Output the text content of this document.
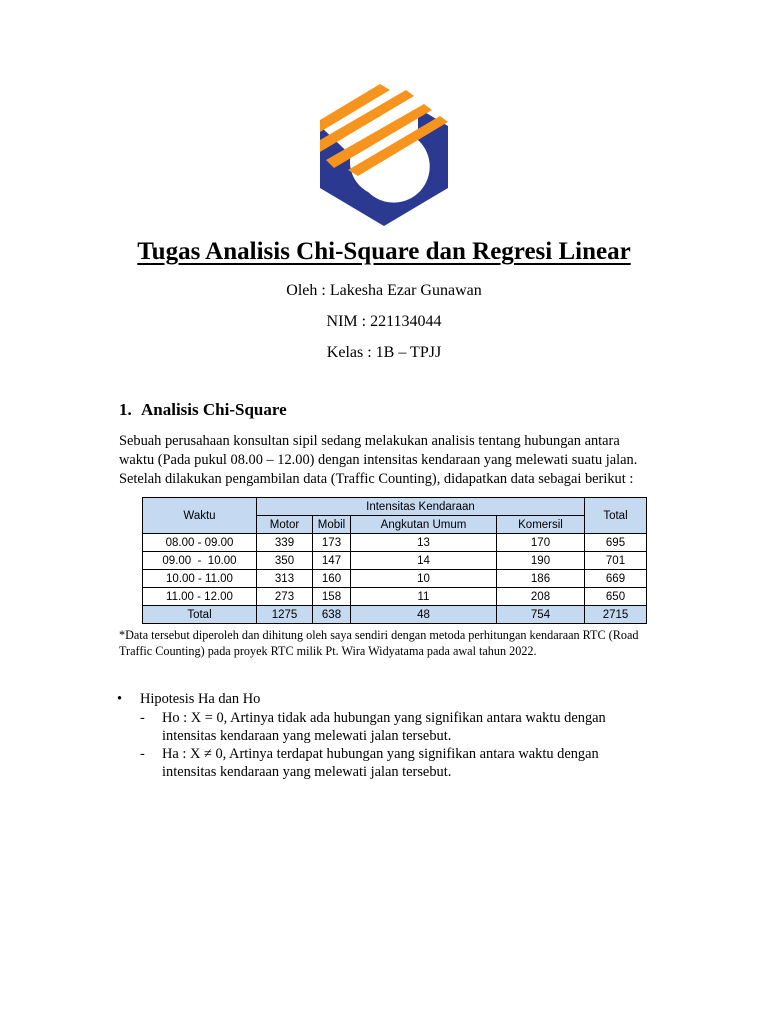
Tugas Analisis Chi-Square dan Regresi Linear
Oleh : Lakesha Ezar Gunawan
NIM : 221134044
Kelas : 1B – TPJJ
1. Analisis Chi-Square
Sebuah perusahaan konsultan sipil sedang melakukan analisis tentang hubungan antara
waktu (Pada pukul 08.00 – 12.00) dengan intensitas kendaraan yang melewati suatu jalan.
Setelah dilakukan pengambilan data (Traffic Counting), didapatkan data sebagai berikut :
Waktu	Intensitas Kendaraan				Total
	Motor	Mobil	Angkutan Umum	Komersil	
08.00 - 09.00	339	173	13	170	695
09.00  -  10.00	350	147	14	190	701
10.00 - 11.00	313	160	10	186	669
11.00 - 12.00	273	158	11	208	650
Total	1275	638	48	754	2715
*Data tersebut diperoleh dan dihitung oleh saya sendiri dengan metoda perhitungan kendaraan RTC (Road
Traffic Counting) pada proyek RTC milik Pt. Wira Widyatama pada awal tahun 2022.
• Hipotesis Ha dan Ho
- Ho : X = 0, Artinya tidak ada hubungan yang signifikan antara waktu dengan
intensitas kendaraan yang melewati jalan tersebut.
- Ha : X ≠ 0, Artinya terdapat hubungan yang signifikan antara waktu dengan
intensitas kendaraan yang melewati jalan tersebut.
